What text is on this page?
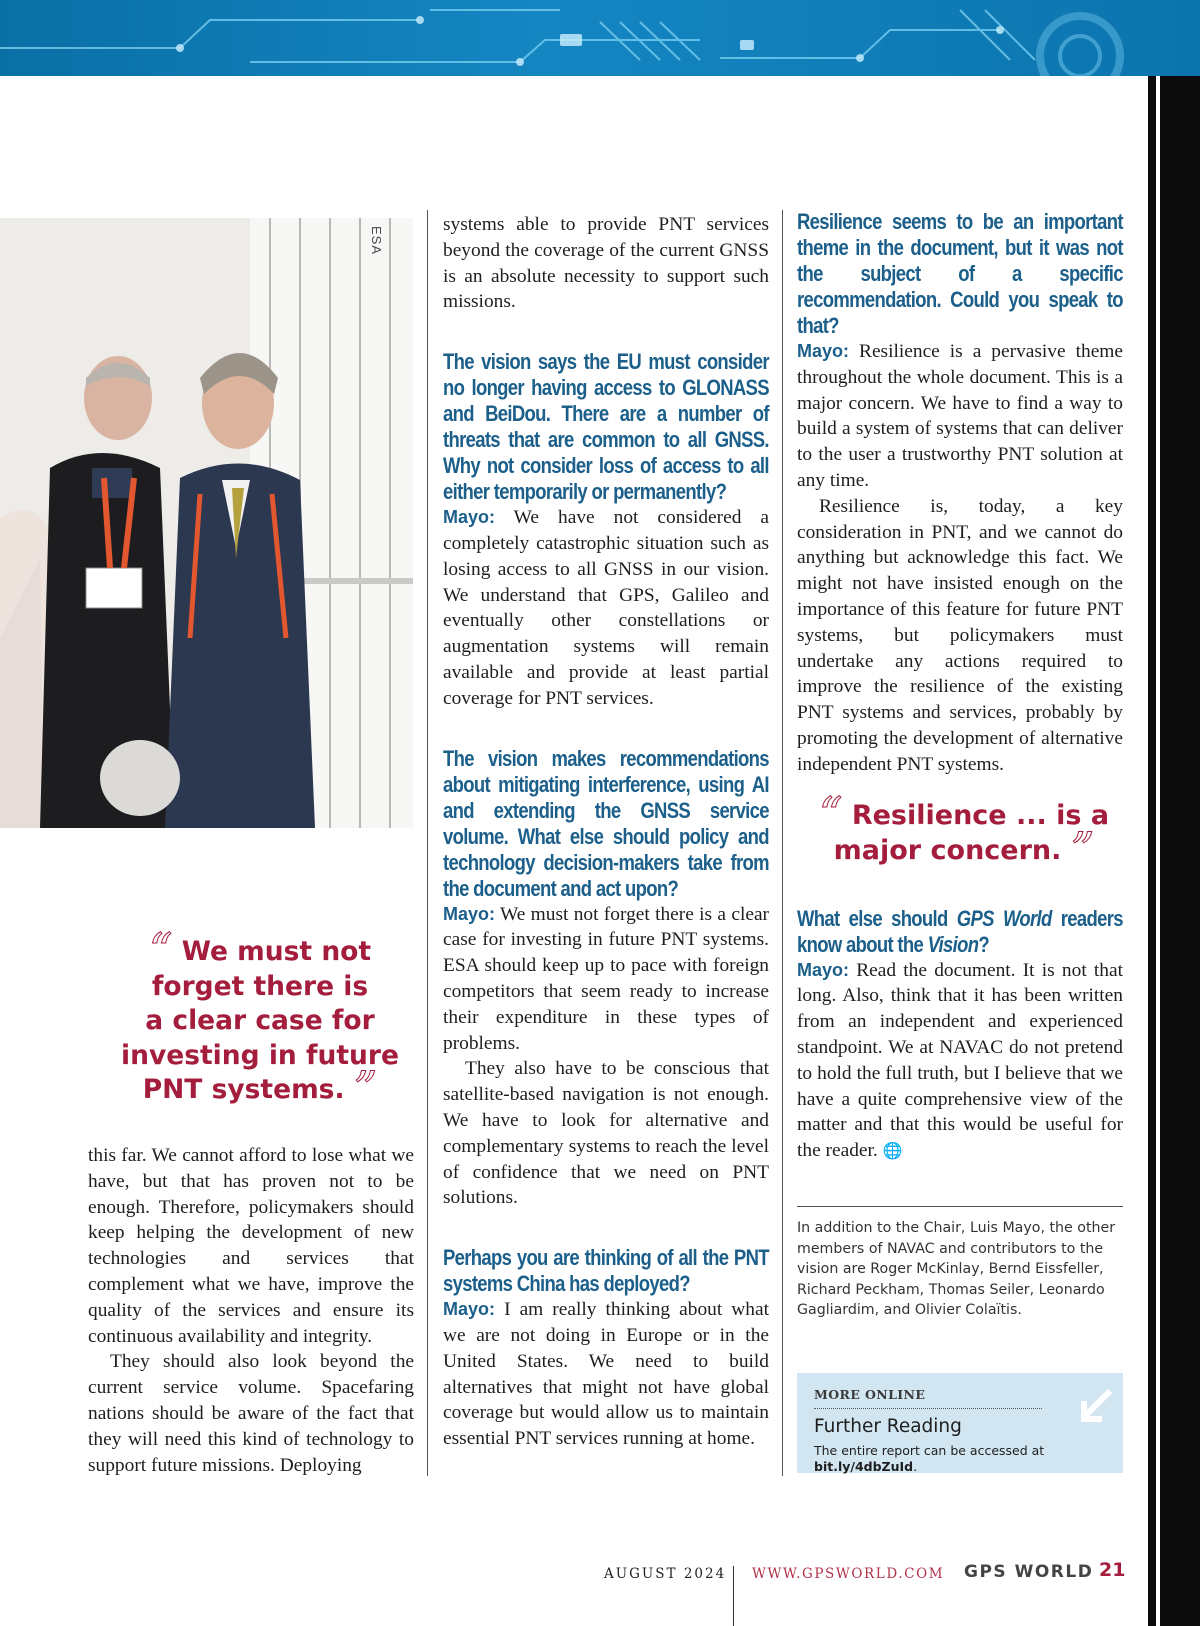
ESA
“ We must not
forget there is
a clear case for
investing in future
PNT systems. ”

this far. We cannot afford to lose what we have, but that has proven not to be enough. Therefore, policymakers should keep helping the development of new technologies and services that complement what we have, improve the quality of the services and ensure its continuous availability and integrity.

They should also look beyond the current service volume. Spacefaring nations should be aware of the fact that they will need this kind of technology to support future missions. Deploying

systems able to provide PNT services beyond the coverage of the current GNSS is an absolute necessity to support such missions.

The vision says the EU must consider no longer having access to GLONASS and BeiDou. There are a number of threats that are common to all GNSS. Why not consider loss of access to all either temporarily or permanently?

Mayo: We have not considered a completely catastrophic situation such as losing access to all GNSS in our vision. We understand that GPS, Galileo and eventually other constellations or augmentation systems will remain available and provide at least partial coverage for PNT services.

The vision makes recommendations about mitigating interference, using AI and extending the GNSS service volume. What else should policy and technology decision-makers take from the document and act upon?

Mayo: We must not forget there is a clear case for investing in future PNT systems. ESA should keep up to pace with foreign competitors that seem ready to increase their expenditure in these types of problems.

They also have to be conscious that satellite-based navigation is not enough. We have to look for alternative and complementary systems to reach the level of confidence that we need on PNT solutions.

Perhaps you are thinking of all the PNT systems China has deployed?

Mayo: I am really thinking about what we are not doing in Europe or in the United States. We need to build alternatives that might not have global coverage but would allow us to maintain essential PNT services running at home.

Resilience seems to be an important theme in the document, but it was not the subject of a specific recommendation. Could you speak to that?

Mayo: Resilience is a pervasive theme throughout the whole document. This is a major concern. We have to find a way to build a system of systems that can deliver to the user a trustworthy PNT solution at any time.

Resilience is, today, a key consideration in PNT, and we cannot do anything but acknowledge this fact. We might not have insisted enough on the importance of this feature for future PNT systems, but policymakers must undertake any actions required to improve the resilience of the existing PNT systems and services, probably by promoting the development of alternative independent PNT systems.

What else should GPS World readers know about the Vision?

Mayo: Read the document. It is not that long. Also, think that it has been written from an independent and experienced standpoint. We at NAVAC do not pretend to hold the full truth, but I believe that we have a quite comprehensive view of the matter and that this would be useful for the reader. 🌐

“ Resilience ... is a
major concern. ”
In addition to the Chair, Luis Mayo, the other members of NAVAC and contributors to the vision are Roger McKinlay, Bernd Eissfeller, Richard Peckham, Thomas Seiler, Leonardo Gagliardim, and Olivier Colaïtis.
MORE ONLINE
Further Reading
The entire report can be accessed at
bit.ly/4dbZuId.
AUGUST 2024 WWW.GPSWORLD.COM GPS WORLD 21
